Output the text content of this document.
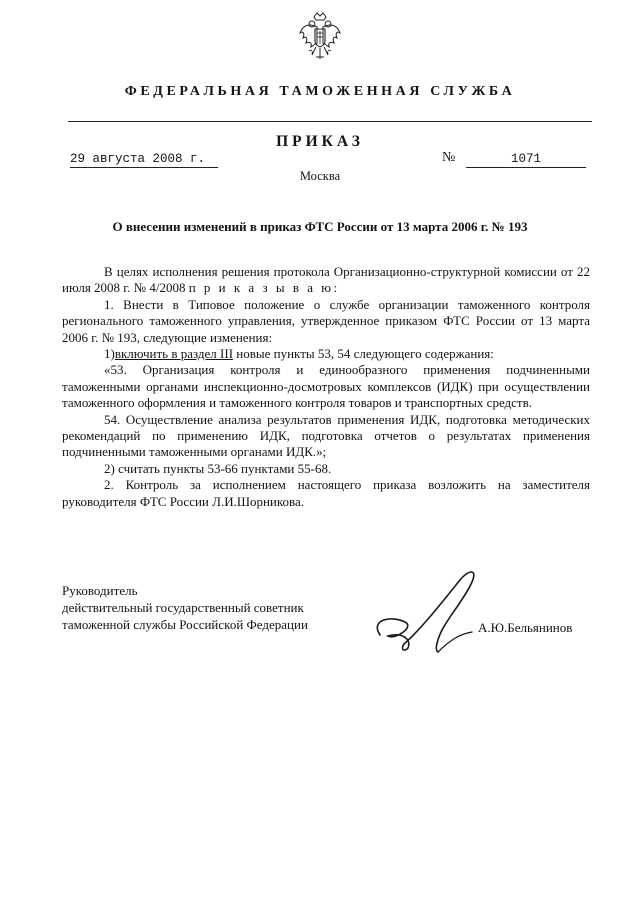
ФЕДЕРАЛЬНАЯ ТАМОЖЕННАЯ СЛУЖБА
ПРИКАЗ
29 августа 2008 г.	№	1071
Москва
О внесении изменений в приказ ФТС России от 13 марта 2006 г. № 193

В целях исполнения решения протокола Организационно-структурной комиссии от 22 июля 2008 г. № 4/2008 п р и к а з ы в а ю:

1. Внести в Типовое положение о службе организации таможенного контроля регионального таможенного управления, утвержденное приказом ФТС России от 13 марта 2006 г. № 193, следующие изменения:

1)включить в раздел III новые пункты 53, 54 следующего содержания:

«53. Организация контроля и единообразного применения подчиненными таможенными органами инспекционно-досмотровых комплексов (ИДК) при осуществлении таможенного оформления и таможенного контроля товаров и транспортных средств.

54. Осуществление анализа результатов применения ИДК, подготовка методических рекомендаций по применению ИДК, подготовка отчетов о результатах применения подчиненными таможенными органами ИДК.»;

2) считать пункты 53-66 пунктами 55-68.

2. Контроль за исполнением настоящего приказа возложить на заместителя руководителя ФТС России Л.И.Шорникова.

Руководитель
действительный государственный советник
таможенной службы Российской Федерации	А.Ю.Бельянинов
